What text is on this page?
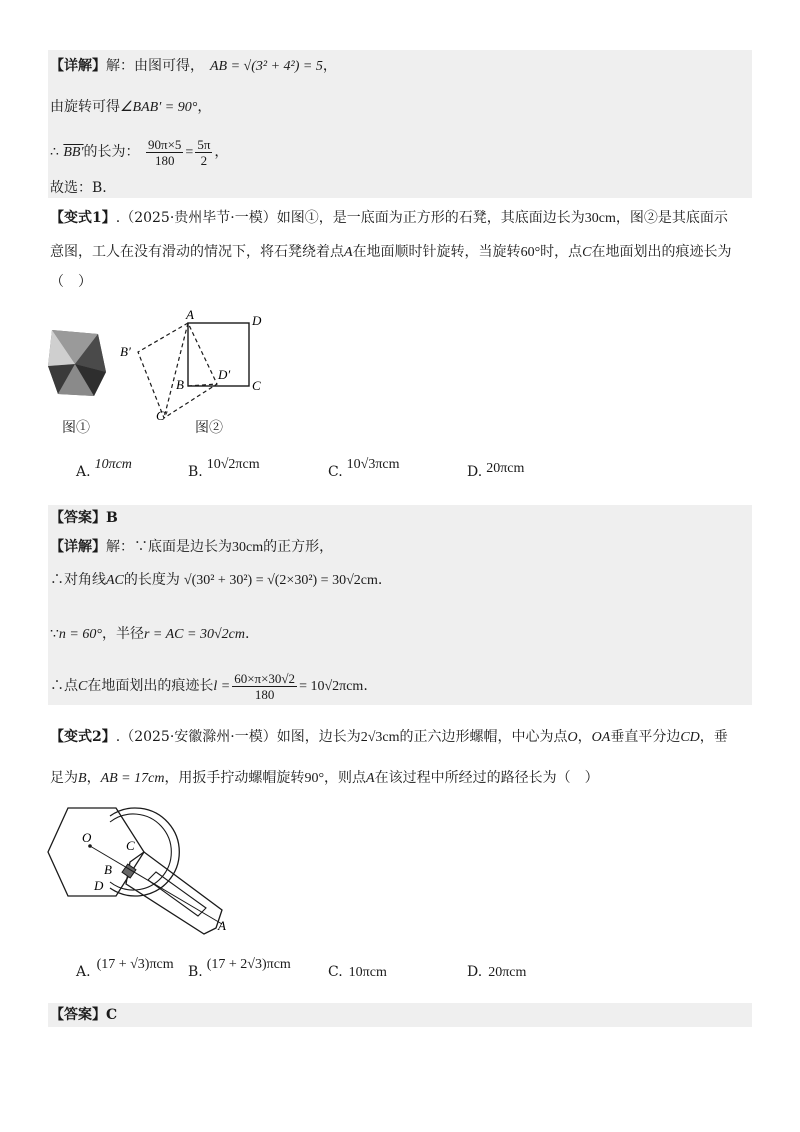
【详解】解：由图可得， AB = √(3² + 4²) = 5，
由旋转可得∠BAB′ = 90°，
∴ BB′的长为： $\frac{90\pi\times 5}{180} = \frac{5\pi}{2}$ ，
故选：B.
【变式1】.（2025·贵州毕节·一模）如图①，是一底面为正方形的石凳，其底面边长为30cm，图②是其底面示
意图，工人在没有滑动的情况下，将石凳绕着点A在地面顺时针旋转，当旋转60°时，点C在地面划出的痕迹长为
（　）
图①
A	D
B′
B
D′
C
C′
图②
A. 10πcm	B. 10√2πcm	C. 10√3πcm	D. 20πcm
【答案】B
【详解】解：∵底面是边长为30cm的正方形，
∴对角线AC的长度为 √(30² + 30²) = √(2×30²) = 30√2cm.
∵n = 60°，半径r = AC = 30√2cm.
∴点C在地面划出的痕迹长$l = \frac{60\times\pi\times 30√2}{180} = 10√2\pi cm$.
【变式2】.（2025·安徽滁州·一模）如图，边长为2√3cm的正六边形螺帽，中心为点O，OA垂直平分边CD，垂
足为B，AB = 17cm，用扳手拧动螺帽旋转90°，则点A在该过程中所经过的路径长为（　）
O
C
B
D
A
A. (17 + √3)πcm B. (17 + 2√3)πcm	C. 10πcm	D. 20πcm
【答案】C
